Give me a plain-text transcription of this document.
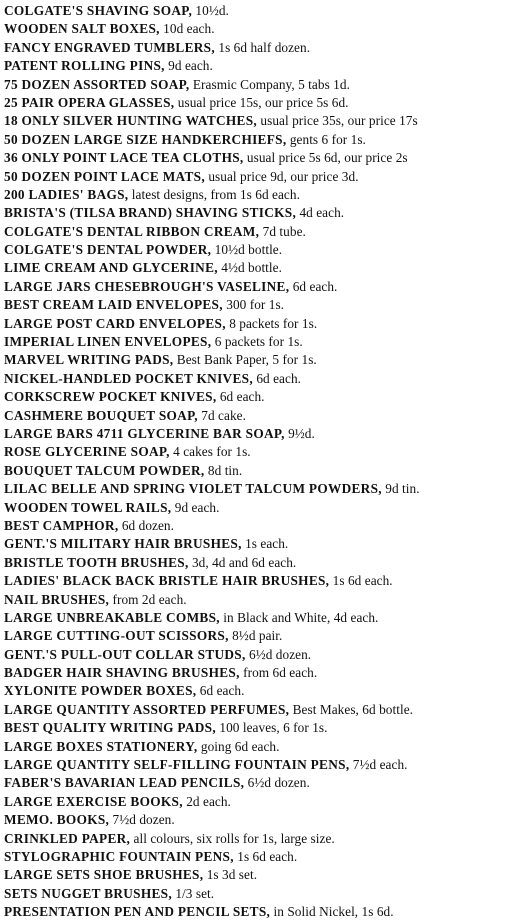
COLGATE'S SHAVING SOAP, 10½d.
WOODEN SALT BOXES, 10d each.
FANCY ENGRAVED TUMBLERS, 1s 6d half dozen.
PATENT ROLLING PINS, 9d each.
75 DOZEN ASSORTED SOAP, Erasmic Company, 5 tabs 1d.
25 PAIR OPERA GLASSES, usual price 15s, our price 5s 6d.
18 ONLY SILVER HUNTING WATCHES, usual price 35s, our price 17s
50 DOZEN LARGE SIZE HANDKERCHIEFS, gents 6 for 1s.
36 ONLY POINT LACE TEA CLOTHS, usual price 5s 6d, our price 2s
50 DOZEN POINT LACE MATS, usual price 9d, our price 3d.
200 LADIES' BAGS, latest designs, from 1s 6d each.
BRISTA'S (TILSA BRAND) SHAVING STICKS, 4d each.
COLGATE'S DENTAL RIBBON CREAM, 7d tube.
COLGATE'S DENTAL POWDER, 10½d bottle.
LIME CREAM AND GLYCERINE, 4½d bottle.
LARGE JARS CHESEBROUGH'S VASELINE, 6d each.
BEST CREAM LAID ENVELOPES, 300 for 1s.
LARGE POST CARD ENVELOPES, 8 packets for 1s.
IMPERIAL LINEN ENVELOPES, 6 packets for 1s.
MARVEL WRITING PADS, Best Bank Paper, 5 for 1s.
NICKEL-HANDLED POCKET KNIVES, 6d each.
CORKSCREW POCKET KNIVES, 6d each.
CASHMERE BOUQUET SOAP, 7d cake.
LARGE BARS 4711 GLYCERINE BAR SOAP, 9½d.
ROSE GLYCERINE SOAP, 4 cakes for 1s.
BOUQUET TALCUM POWDER, 8d tin.
LILAC BELLE AND SPRING VIOLET TALCUM POWDERS, 9d tin.
WOODEN TOWEL RAILS, 9d each.
BEST CAMPHOR, 6d dozen.
GENT.'S MILITARY HAIR BRUSHES, 1s each.
BRISTLE TOOTH BRUSHES, 3d, 4d and 6d each.
LADIES' BLACK BACK BRISTLE HAIR BRUSHES, 1s 6d each.
NAIL BRUSHES, from 2d each.
LARGE UNBREAKABLE COMBS, in Black and White, 4d each.
LARGE CUTTING-OUT SCISSORS, 8½d pair.
GENT.'S PULL-OUT COLLAR STUDS, 6½d dozen.
BADGER HAIR SHAVING BRUSHES, from 6d each.
XYLONITE POWDER BOXES, 6d each.
LARGE QUANTITY ASSORTED PERFUMES, Best Makes, 6d bottle.
BEST QUALITY WRITING PADS, 100 leaves, 6 for 1s.
LARGE BOXES STATIONERY, going 6d each.
LARGE QUANTITY SELF-FILLING FOUNTAIN PENS, 7½d each.
FABER'S BAVARIAN LEAD PENCILS, 6½d dozen.
LARGE EXERCISE BOOKS, 2d each.
MEMO. BOOKS, 7½d dozen.
CRINKLED PAPER, all colours, six rolls for 1s, large size.
STYLOGRAPHIC FOUNTAIN PENS, 1s 6d each.
LARGE SETS SHOE BRUSHES, 1s 3d set.
SETS NUGGET BRUSHES, 1/3 set.
PRESENTATION PEN AND PENCIL SETS, in Solid Nickel, 1s 6d.
